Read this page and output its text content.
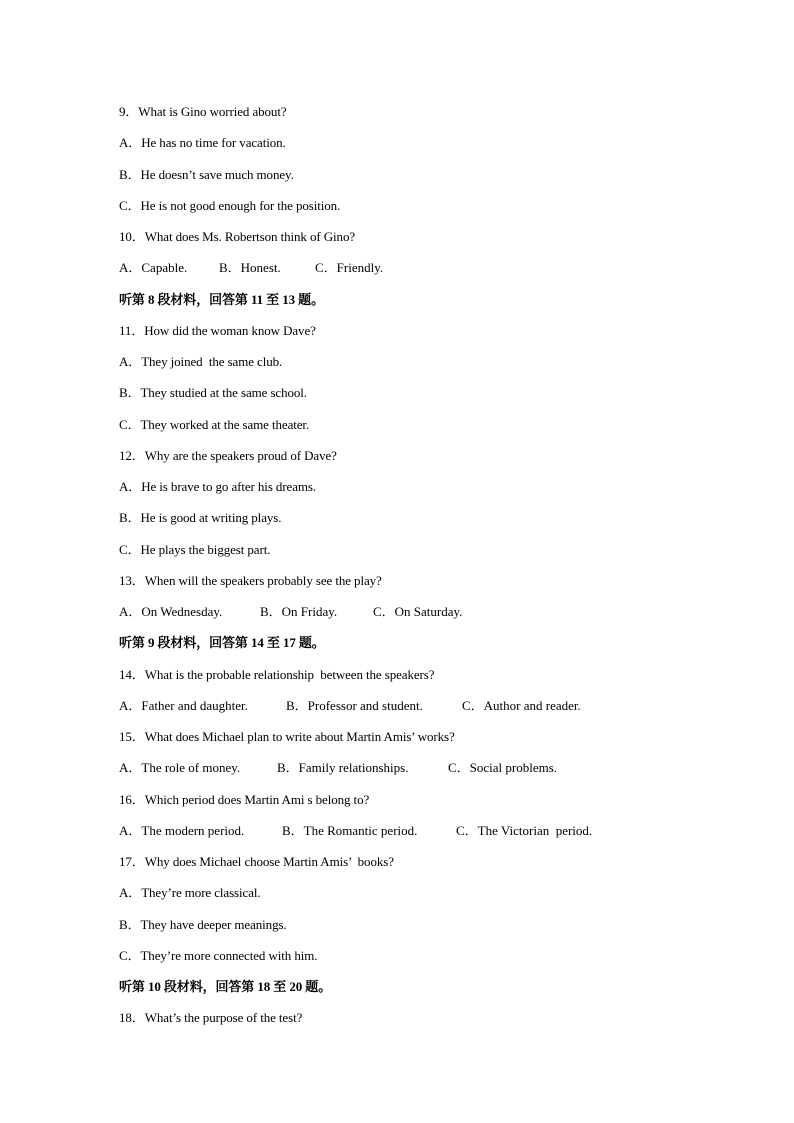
9．What is Gino worried about?
A．He has no time for vacation.
B．He doesn’t save much money.
C．He is not good enough for the position.
10．What does Ms. Robertson think of Gino?
A．Capable. B．Honest.	C．Friendly.
听第 8 段材料，回答第 11 至 13 题。
11．How did the woman know Dave?
A．They joined  the same club.
B．They studied at the same school.
C．They worked at the same theater.
12．Why are the speakers proud of Dave?
A．He is brave to go after his dreams.
B．He is good at writing plays.
C．He plays the biggest part.
13．When will the speakers probably see the play?
A．On Wednesday.	B．On Friday.	C．On Saturday.
听第 9 段材料，回答第 14 至 17 题。
14．What is the probable relationship  between the speakers?
A．Father and daughter.	B．Professor and student.	C．Author and reader.
15．What does Michael plan to write about Martin Amis’ works?
A．The role of money.	B．Family relationships.	C．Social problems.
16．Which period does Martin Ami s belong to?
A．The modern period.	B．The Romantic period.	C．The Victorian  period.
17．Why does Michael choose Martin Amis’  books?
A．They’re more classical.
B．They have deeper meanings.
C．They’re more connected with him.
听第 10 段材料，回答第 18 至 20 题。
18．What’s the purpose of the test?
